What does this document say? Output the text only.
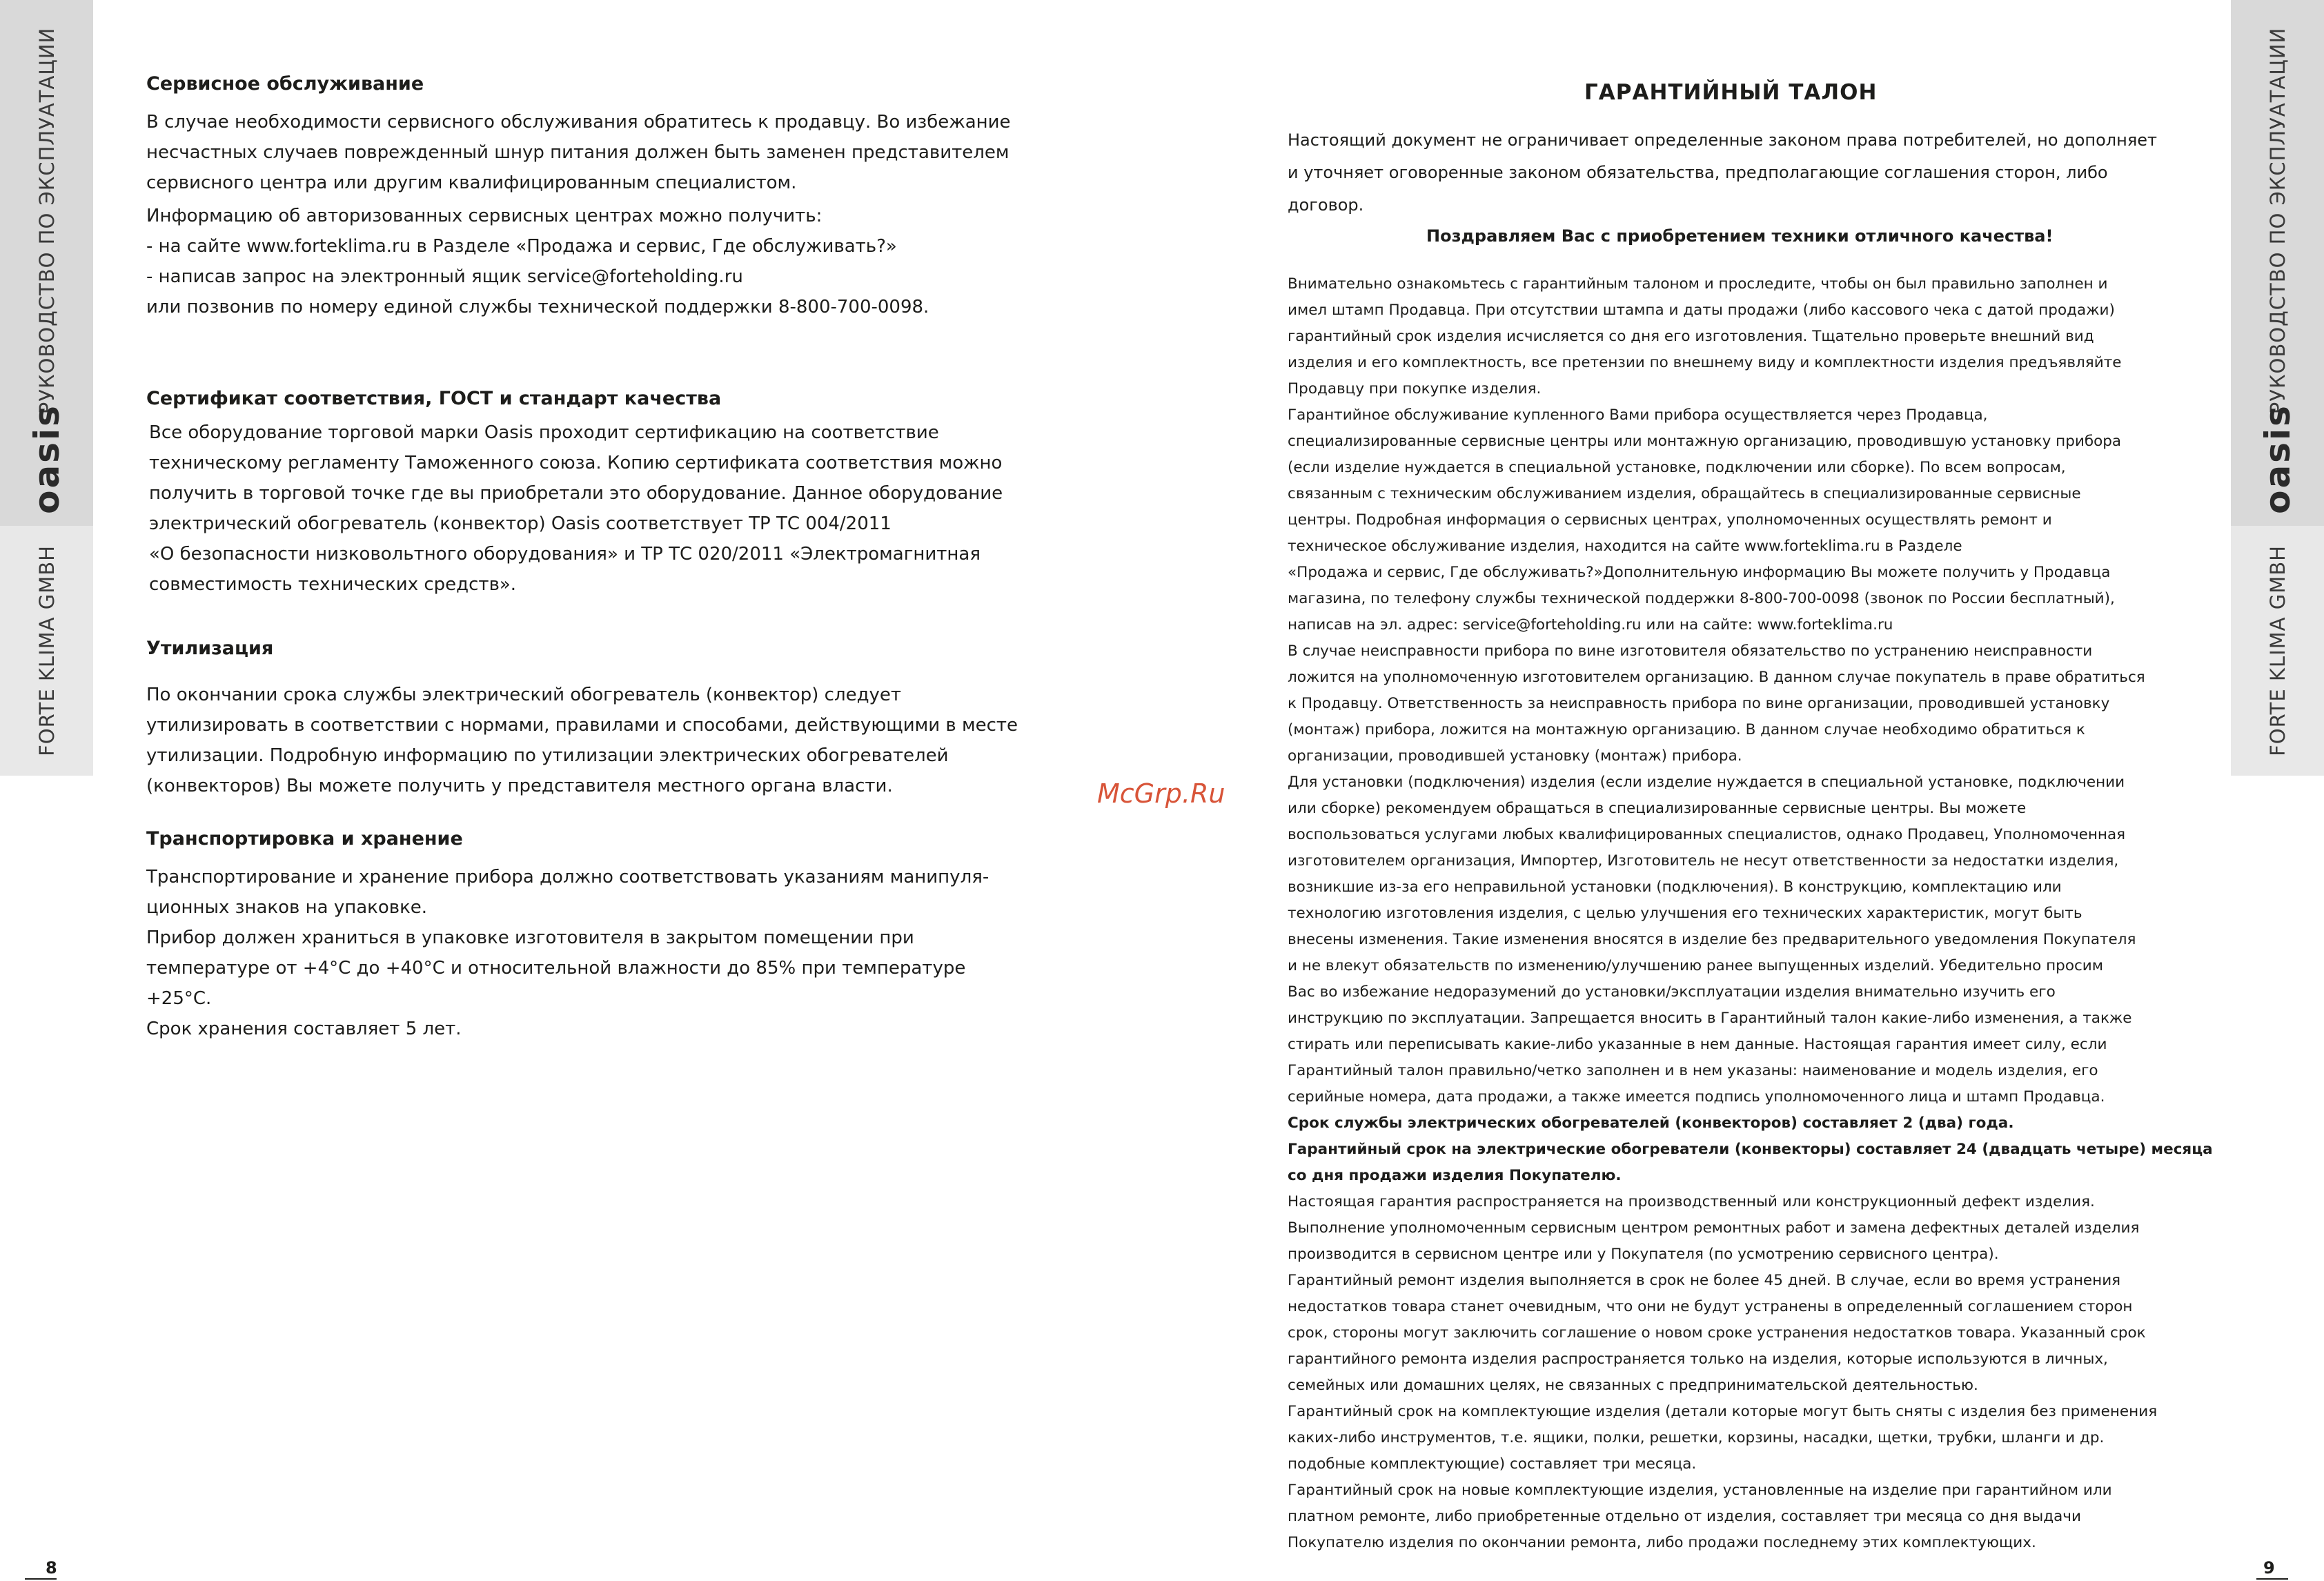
РУКОВОДСТВО ПО ЭКСПЛУАТАЦИИ
oasis
FORTE KLIMA GMBH
РУКОВОДСТВО ПО ЭКСПЛУАТАЦИИ
oasis
FORTE KLIMA GMBH
8	9
Сервисное обслуживание
В случае необходимости сервисного обслуживания обратитесь к продавцу. Во избежание
несчастных случаев поврежденный шнур питания должен быть заменен представителем
сервисного центра или другим квалифицированным специалистом.
Информацию об авторизованных сервисных центрах можно получить:
- на сайте www.forteklima.ru в Разделе «Продажа и сервис, Где обслуживать?»
- написав запрос на электронный ящик service@forteholding.ru
или позвонив по номеру единой службы технической поддержки 8-800-700-0098.
Сертификат соответствия, ГОСТ и стандарт качества
Все оборудование торговой марки Oasis проходит сертификацию на соответствие
техническому регламенту Таможенного союза. Копию сертификата соответствия можно
получить в торговой точке где вы приобретали это оборудование. Данное оборудование
электрический обогреватель (конвектор) Oasis соответствует ТР ТС 004/2011
«О безопасности низковольтного оборудования» и ТР ТС 020/2011 «Электромагнитная
совместимость технических средств».
Утилизация
По окончании срока службы электрический обогреватель (конвектор) следует
утилизировать в соответствии с нормами, правилами и способами, действующими в месте
утилизации. Подробную информацию по утилизации электрических обогревателей
(конвекторов) Вы можете получить у представителя местного органа власти.
Транспортировка и хранение
Транспортирование и хранение прибора должно соответствовать указаниям манипуля-
ционных знаков на упаковке.
Прибор должен храниться в упаковке изготовителя в закрытом помещении при
температуре от +4°С до +40°С и относительной влажности до 85% при температуре +25°С.
Срок хранения составляет 5 лет.
McGrp.Ru
ГАРАНТИЙНЫЙ ТАЛОН
Настоящий документ не ограничивает определенные законом права потребителей, но дополняет
и уточняет оговоренные законом обязательства, предполагающие соглашения сторон, либо
договор.
Поздравляем Вас с приобретением техники отличного качества!
Внимательно ознакомьтесь с гарантийным талоном и проследите, чтобы он был правильно заполнен и
имел штамп Продавца. При отсутствии штампа и даты продажи (либо кассового чека с датой продажи)
гарантийный срок изделия исчисляется со дня его изготовления. Тщательно проверьте внешний вид
изделия и его комплектность, все претензии по внешнему виду и комплектности изделия предъявляйте
Продавцу при покупке изделия.
Гарантийное обслуживание купленного Вами прибора осуществляется через Продавца,
специализированные сервисные центры или монтажную организацию, проводившую установку прибора
(если изделие нуждается в специальной установке, подключении или сборке). По всем вопросам,
связанным с техническим обслуживанием изделия, обращайтесь в специализированные сервисные
центры. Подробная информация о сервисных центрах, уполномоченных осуществлять ремонт и
техническое обслуживание изделия, находится на сайте www.forteklima.ru в Разделе
«Продажа и сервис, Где обслуживать?»Дополнительную информацию Вы можете получить у Продавца
магазина, по телефону службы технической поддержки 8-800-700-0098 (звонок по России бесплатный),
написав на эл. адрес: service@forteholding.ru или на сайте: www.forteklima.ru
В случае неисправности прибора по вине изготовителя обязательство по устранению неисправности
ложится на уполномоченную изготовителем организацию. В данном случае покупатель в праве обратиться
к Продавцу. Ответственность за неисправность прибора по вине организации, проводившей установку
(монтаж) прибора, ложится на монтажную организацию. В данном случае необходимо обратиться к
организации, проводившей установку (монтаж) прибора.
Для установки (подключения) изделия (если изделие нуждается в специальной установке, подключении
или сборке) рекомендуем обращаться в специализированные сервисные центры. Вы можете
воспользоваться услугами любых квалифицированных специалистов, однако Продавец, Уполномоченная
изготовителем организация, Импортер, Изготовитель не несут ответственности за недостатки изделия,
возникшие из-за его неправильной установки (подключения). В конструкцию, комплектацию или
технологию изготовления изделия, с целью улучшения его технических характеристик, могут быть
внесены изменения. Такие изменения вносятся в изделие без предварительного уведомления Покупателя
и не влекут обязательств по изменению/улучшению ранее выпущенных изделий. Убедительно просим
Вас во избежание недоразумений до установки/эксплуатации изделия внимательно изучить его
инструкцию по эксплуатации. Запрещается вносить в Гарантийный талон какие-либо изменения, а также
стирать или переписывать какие-либо указанные в нем данные. Настоящая гарантия имеет силу, если
Гарантийный талон правильно/четко заполнен и в нем указаны: наименование и модель изделия, его
серийные номера, дата продажи, а также имеется подпись уполномоченного лица и штамп Продавца.
Срок службы электрических обогревателей (конвекторов) составляет 2 (два) года.
Гарантийный срок на электрические обогреватели (конвекторы) составляет 24 (двадцать четыре) месяца
со дня продажи изделия Покупателю.
Настоящая гарантия распространяется на производственный или конструкционный дефект изделия.
Выполнение уполномоченным сервисным центром ремонтных работ и замена дефектных деталей изделия
производится в сервисном центре или у Покупателя (по усмотрению сервисного центра).
Гарантийный ремонт изделия выполняется в срок не более 45 дней. В случае, если во время устранения
недостатков товара станет очевидным, что они не будут устранены в определенный соглашением сторон
срок, стороны могут заключить соглашение о новом сроке устранения недостатков товара. Указанный срок
гарантийного ремонта изделия распространяется только на изделия, которые используются в личных,
семейных или домашних целях, не связанных с предпринимательской деятельностью.
Гарантийный срок на комплектующие изделия (детали которые могут быть сняты с изделия без применения
каких-либо инструментов, т.е. ящики, полки, решетки, корзины, насадки, щетки, трубки, шланги и др.
подобные комплектующие) составляет три месяца.
Гарантийный срок на новые комплектующие изделия, установленные на изделие при гарантийном или
платном ремонте, либо приобретенные отдельно от изделия, составляет три месяца со дня выдачи
Покупателю изделия по окончании ремонта, либо продажи последнему этих комплектующих.
